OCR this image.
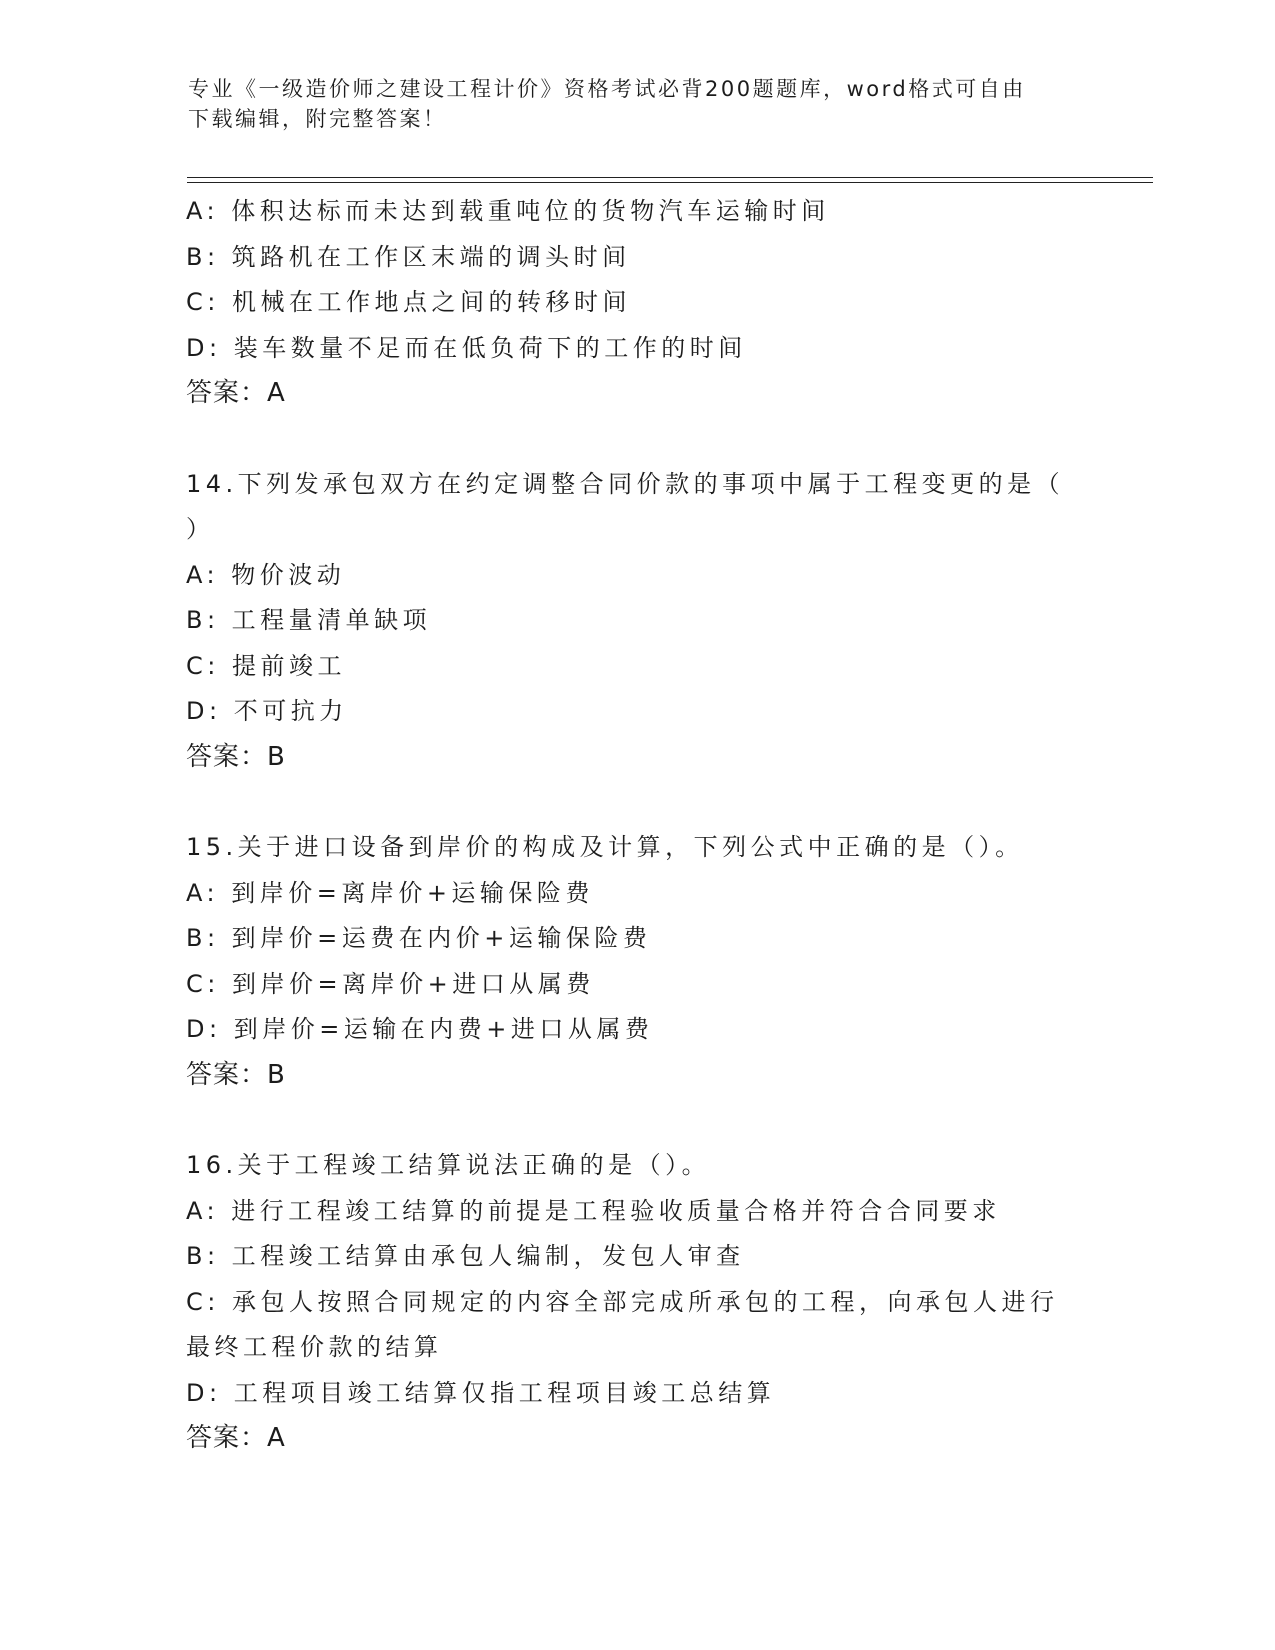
专业《一级造价师之建设工程计价》资格考试必背200题题库，word格式可自由
下载编辑，附完整答案！

A: 体积达标而未达到载重吨位的货物汽车运输时间

B: 筑路机在工作区末端的调头时间

C: 机械在工作地点之间的转移时间

D: 装车数量不足而在低负荷下的工作的时间

答案：A

14.下列发承包双方在约定调整合同价款的事项中属于工程变更的是（

）

A: 物价波动

B: 工程量清单缺项

C: 提前竣工

D: 不可抗力

答案：B

15.关于进口设备到岸价的构成及计算，下列公式中正确的是（）。

A: 到岸价=离岸价+运输保险费

B: 到岸价=运费在内价+运输保险费

C: 到岸价=离岸价+进口从属费

D: 到岸价=运输在内费+进口从属费

答案：B

16.关于工程竣工结算说法正确的是（）。

A: 进行工程竣工结算的前提是工程验收质量合格并符合合同要求

B: 工程竣工结算由承包人编制，发包人审查

C: 承包人按照合同规定的内容全部完成所承包的工程，向承包人进行

最终工程价款的结算

D: 工程项目竣工结算仅指工程项目竣工总结算

答案：A
